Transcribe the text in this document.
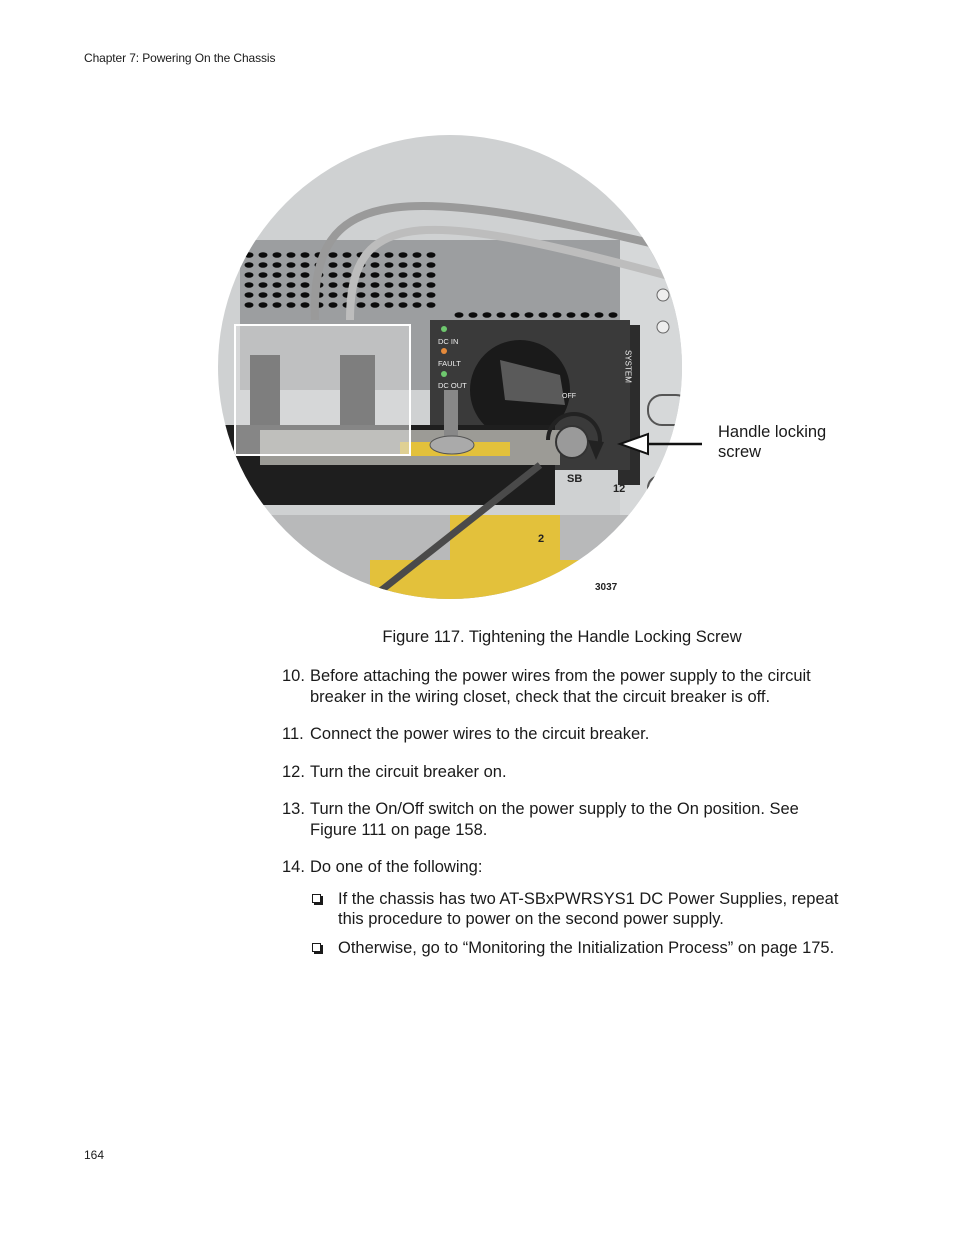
Chapter 7: Powering On the Chassis
DC IN
FAULT
DC OUT
SYSTEM
OFF
SB
12
2
3037
Handle locking
screw
Figure 117. Tightening the Handle Locking Screw
10. Before attaching the power wires from the power supply to the circuit breaker in the wiring closet, check that the circuit breaker is off.
11. Connect the power wires to the circuit breaker.
12. Turn the circuit breaker on.
13. Turn the On/Off switch on the power supply to the On position. See Figure 111 on page 158.
14. Do one of the following:
If the chassis has two AT-SBxPWRSYS1 DC Power Supplies, repeat this procedure to power on the second power supply.
Otherwise, go to “Monitoring the Initialization Process” on page 175.
164
